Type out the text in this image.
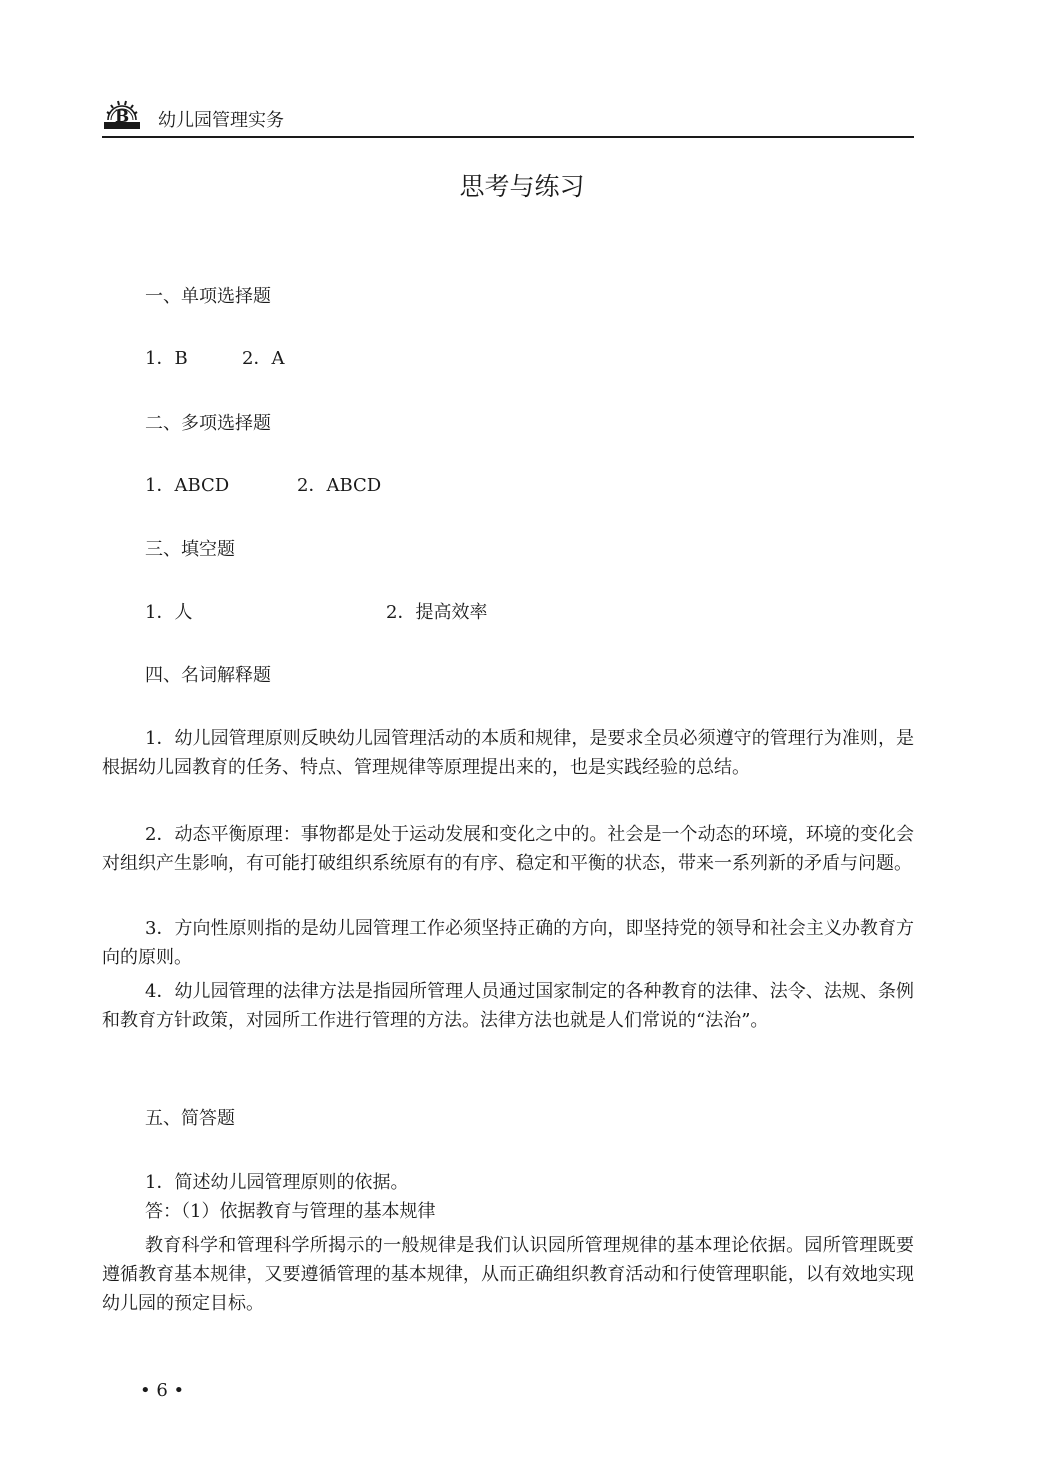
B 幼儿园管理实务
思考与练习
一、单项选择题
1．B	2．A
二、多项选择题
1．ABCD	2．ABCD
三、填空题
1．人	2．提高效率
四、名词解释题
1．幼儿园管理原则反映幼儿园管理活动的本质和规律，是要求全员必须遵守的管理行为准则，是根据幼儿园教育的任务、特点、管理规律等原理提出来的，也是实践经验的总结。
2．动态平衡原理：事物都是处于运动发展和变化之中的。社会是一个动态的环境，环境的变化会对组织产生影响，有可能打破组织系统原有的有序、稳定和平衡的状态，带来一系列新的矛盾与问题。
3．方向性原则指的是幼儿园管理工作必须坚持正确的方向，即坚持党的领导和社会主义办教育方向的原则。
4．幼儿园管理的法律方法是指园所管理人员通过国家制定的各种教育的法律、法令、法规、条例和教育方针政策，对园所工作进行管理的方法。法律方法也就是人们常说的“法治”。
五、简答题
1．简述幼儿园管理原则的依据。
答：（1）依据教育与管理的基本规律
教育科学和管理科学所揭示的一般规律是我们认识园所管理规律的基本理论依据。园所管理既要遵循教育基本规律，又要遵循管理的基本规律，从而正确组织教育活动和行使管理职能，以有效地实现幼儿园的预定目标。
• 6 •
